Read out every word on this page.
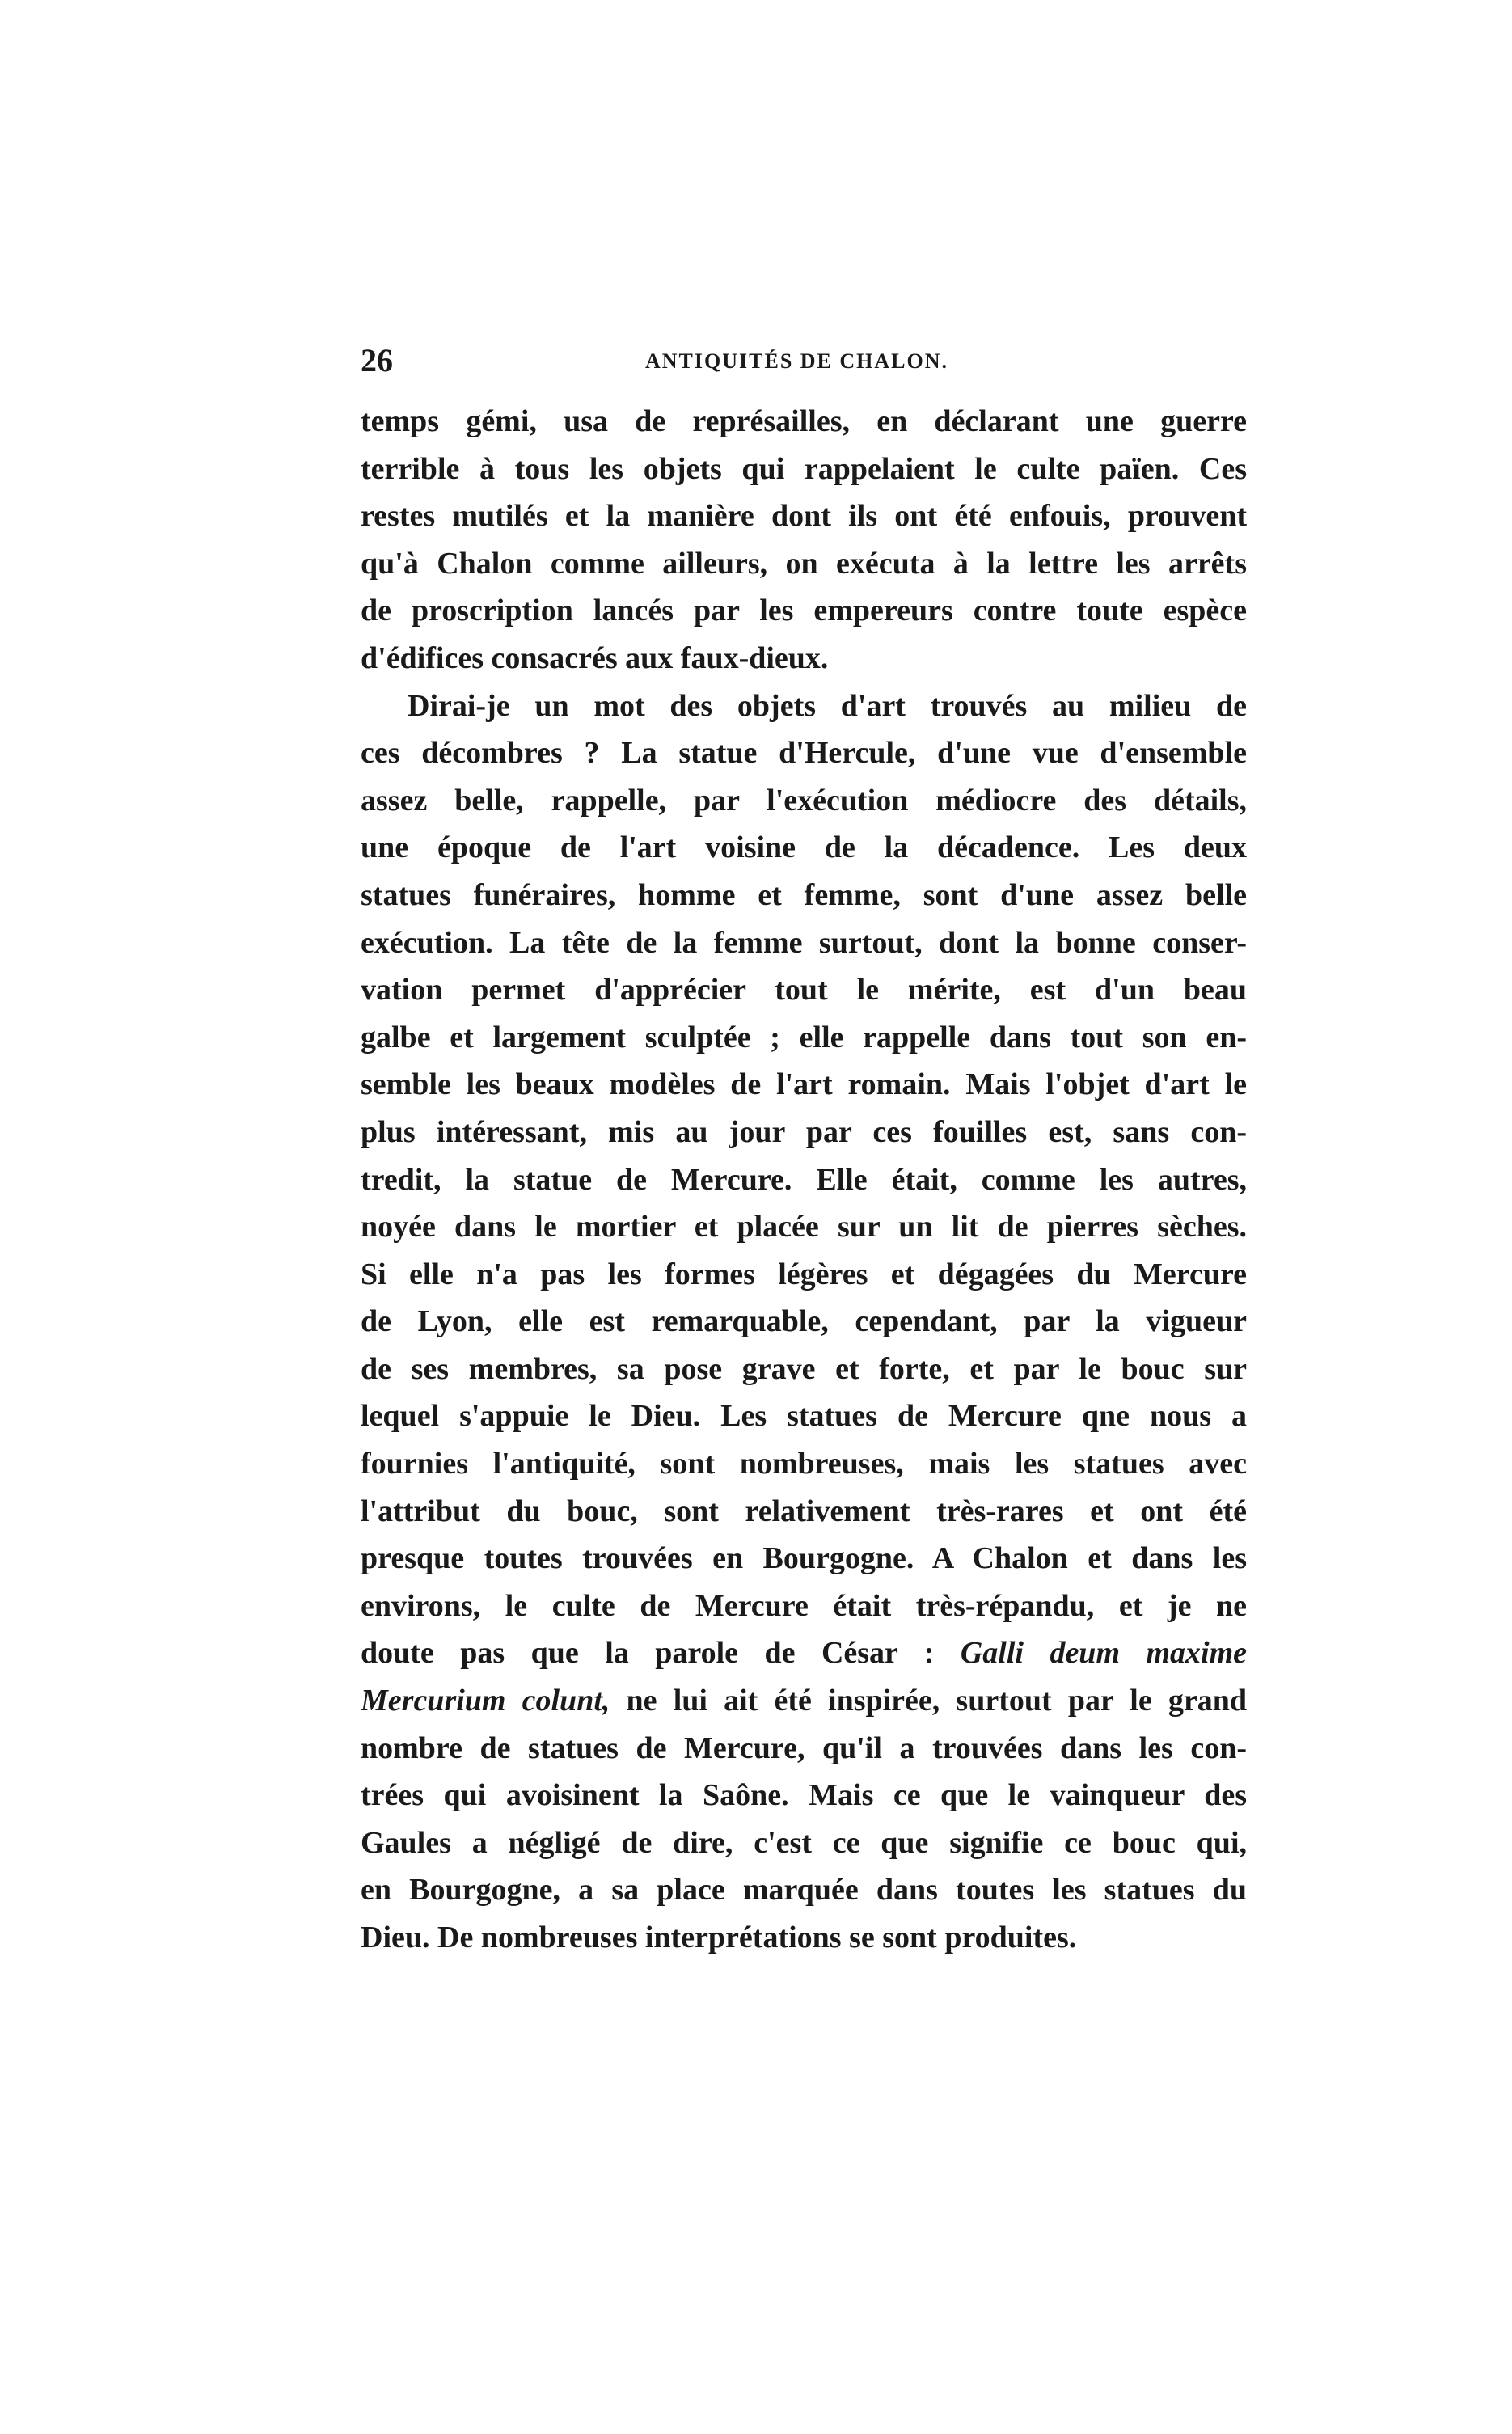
26	ANTIQUITÉS DE CHALON.
temps gémi, usa de représailles, en déclarant une guerre
terrible à tous les objets qui rappelaient le culte païen. Ces
restes mutilés et la manière dont ils ont été enfouis, prouvent
qu'à Chalon comme ailleurs, on exécuta à la lettre les arrêts
de proscription lancés par les empereurs contre toute espèce
d'édifices consacrés aux faux-dieux.
Dirai-je un mot des objets d'art trouvés au milieu de
ces décombres ? La statue d'Hercule, d'une vue d'ensemble
assez belle, rappelle, par l'exécution médiocre des détails,
une époque de l'art voisine de la décadence. Les deux
statues funéraires, homme et femme, sont d'une assez belle
exécution. La tête de la femme surtout, dont la bonne conser-
vation permet d'apprécier tout le mérite, est d'un beau
galbe et largement sculptée ; elle rappelle dans tout son en-
semble les beaux modèles de l'art romain. Mais l'objet d'art le
plus intéressant, mis au jour par ces fouilles est, sans con-
tredit, la statue de Mercure. Elle était, comme les autres,
noyée dans le mortier et placée sur un lit de pierres sèches.
Si elle n'a pas les formes légères et dégagées du Mercure
de Lyon, elle est remarquable, cependant, par la vigueur
de ses membres, sa pose grave et forte, et par le bouc sur
lequel s'appuie le Dieu. Les statues de Mercure qne nous a
fournies l'antiquité, sont nombreuses, mais les statues avec
l'attribut du bouc, sont relativement très-rares et ont été
presque toutes trouvées en Bourgogne. A Chalon et dans les
environs, le culte de Mercure était très-répandu, et je ne
doute pas que la parole de César : Galli deum maxime
Mercurium colunt, ne lui ait été inspirée, surtout par le grand
nombre de statues de Mercure, qu'il a trouvées dans les con-
trées qui avoisinent la Saône. Mais ce que le vainqueur des
Gaules a négligé de dire, c'est ce que signifie ce bouc qui,
en Bourgogne, a sa place marquée dans toutes les statues du
Dieu. De nombreuses interprétations se sont produites.
